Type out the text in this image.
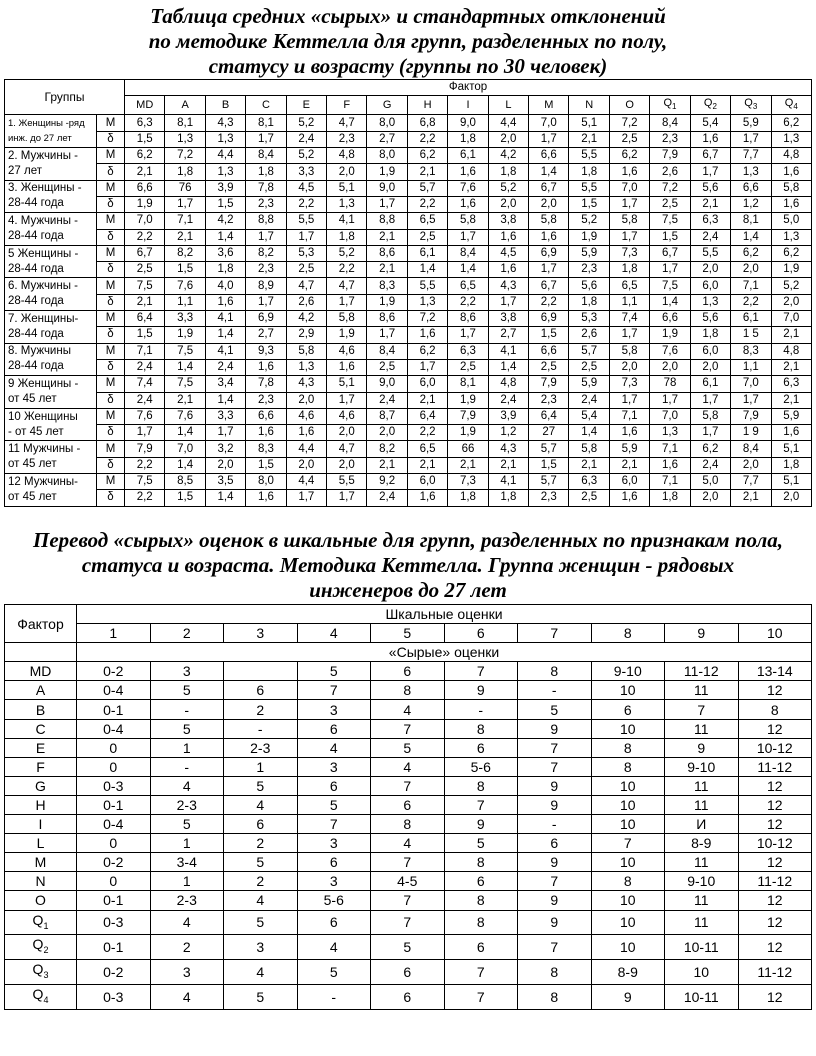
Таблица средних «сырых» и стандартных отклонений
по методике Кеттелла для групп, разделенных по полу,
статусу и возрасту (группы по 30 человек)
Группы		Фактор																
		MD	A	B	C	E	F	G	H	I	L	M	N	O	$Q_1$	$Q_2$	$Q_3$	$Q_4$

1. Женщины -ряд
инж. до 27 лет	M	6,3	8,1	4,3	8,1	5,2	4,7	8,0	6,8	9,0	4,4	7,0	5,1	7,2	8,4	5,4	5,9	6,2
	δ	1,5	1,3	1,3	1,7	2,4	2,3	2,7	2,2	1,8	2,0	1,7	2,1	2,5	2,3	1,6	1,7	1,3

2. Мужчины -
27 лет	M	6,2	7,2	4,4	8,4	5,2	4,8	8,0	6,2	6,1	4,2	6,6	5,5	6,2	7,9	6,7	7,7	4,8
	δ	2,1	1,8	1,3	1,8	3,3	2,0	1,9	2,1	1,6	1,8	1,4	1,8	1,6	2,6	1,7	1,3	1,6

3. Женщины -
28-44 года	M	6,6	76	3,9	7,8	4,5	5,1	9,0	5,7	7,6	5,2	6,7	5,5	7,0	7,2	5,6	6,6	5,8
	δ	1,9	1,7	1,5	2,3	2,2	1,3	1,7	2,2	1,6	2,0	2,0	1,5	1,7	2,5	2,1	1,2	1,6

4. Мужчины -
28-44 года	M	7,0	7,1	4,2	8,8	5,5	4,1	8,8	6,5	5,8	3,8	5,8	5,2	5,8	7,5	6,3	8,1	5,0
	δ	2,2	2,1	1,4	1,7	1,7	1,8	2,1	2,5	1,7	1,6	1,6	1,9	1,7	1,5	2,4	1,4	1,3

5 Женщины -
28-44 года	M	6,7	8,2	3,6	8,2	5,3	5,2	8,6	6,1	8,4	4,5	6,9	5,9	7,3	6,7	5,5	6,2	6,2
	δ	2,5	1,5	1,8	2,3	2,5	2,2	2,1	1,4	1,4	1,6	1,7	2,3	1,8	1,7	2,0	2,0	1,9

6. Мужчины -
28-44 года	M	7,5	7,6	4,0	8,9	4,7	4,7	8,3	5,5	6,5	4,3	6,7	5,6	6,5	7,5	6,0	7,1	5,2
	δ	2,1	1,1	1,6	1,7	2,6	1,7	1,9	1,3	2,2	1,7	2,2	1,8	1,1	1,4	1,3	2,2	2,0

7. Женщины-
28-44 года	M	6,4	3,3	4,1	6,9	4,2	5,8	8,6	7,2	8,6	3,8	6,9	5,3	7,4	6,6	5,6	6,1	7,0
	δ	1,5	1,9	1,4	2,7	2,9	1,9	1,7	1,6	1,7	2,7	1,5	2,6	1,7	1,9	1,8	1 5	2,1

8. Мужчины
28-44 года	M	7,1	7,5	4,1	9,3	5,8	4,6	8,4	6,2	6,3	4,1	6,6	5,7	5,8	7,6	6,0	8,3	4,8
	δ	2,4	1,4	2,4	1,6	1,3	1,6	2,5	1,7	2,5	1,4	2,5	2,5	2,0	2,0	2,0	1,1	2,1

9 Женщины -
от 45 лет	M	7,4	7,5	3,4	7,8	4,3	5,1	9,0	6,0	8,1	4,8	7,9	5,9	7,3	78	6,1	7,0	6,3
	δ	2,4	2,1	1,4	2,3	2,0	1,7	2,4	2,1	1,9	2,4	2,3	2,4	1,7	1,7	1,7	1,7	2,1

10 Женщины
- от 45 лет	M	7,6	7,6	3,3	6,6	4,6	4,6	8,7	6,4	7,9	3,9	6,4	5,4	7,1	7,0	5,8	7,9	5,9
	δ	1,7	1,4	1,7	1,6	1,6	2,0	2,0	2,2	1,9	1,2	27	1,4	1,6	1,3	1,7	1 9	1,6

11 Мужчины -
от 45 лет	M	7,9	7,0	3,2	8,3	4,4	4,7	8,2	6,5	66	4,3	5,7	5,8	5,9	7,1	6,2	8,4	5,1
	δ	2,2	1,4	2,0	1,5	2,0	2,0	2,1	2,1	2,1	2,1	1,5	2,1	2,1	1,6	2,4	2,0	1,8

12 Мужчины-
от 45 лет	M	7,5	8,5	3,5	8,0	4,4	5,5	9,2	6,0	7,3	4,1	5,7	6,3	6,0	7,1	5,0	7,7	5,1
	δ	2,2	1,5	1,4	1,6	1,7	1,7	2,4	1,6	1,8	1,8	2,3	2,5	1,6	1,8	2,0	2,1	2,0
Перевод «сырых» оценок в шкальные для групп, разделенных по признакам пола,
статуса и возраста. Методика Кеттелла. Группа женщин - рядовых
инженеров до 27 лет
Фактор	Шкальные оценки									
	1	2	3	4	5	6	7	8	9	10
	«Сырые» оценки									
MD	0-2	3		5	6	7	8	9-10	11-12	13-14
A	0-4	5	6	7	8	9	-	10	11	12
B	0-1	-	2	3	4	-	5	6	7	8
C	0-4	5	-	6	7	8	9	10	11	12
E	0	1	2-3	4	5	6	7	8	9	10-12
F	0	-	1	3	4	5-6	7	8	9-10	11-12
G	0-3	4	5	6	7	8	9	10	11	12
H	0-1	2-3	4	5	6	7	9	10	11	12
I	0-4	5	6	7	8	9	-	10	И	12
L	0	1	2	3	4	5	6	7	8-9	10-12
M	0-2	3-4	5	6	7	8	9	10	11	12
N	0	1	2	3	4-5	6	7	8	9-10	11-12
O	0-1	2-3	4	5-6	7	8	9	10	11	12
$Q_1$	0-3	4	5	6	7	8	9	10	11	12
$Q_2$	0-1	2	3	4	5	6	7	10	10-11	12
$Q_3$	0-2	3	4	5	6	7	8	8-9	10	11-12
$Q_4$	0-3	4	5	-	6	7	8	9	10-11	12
